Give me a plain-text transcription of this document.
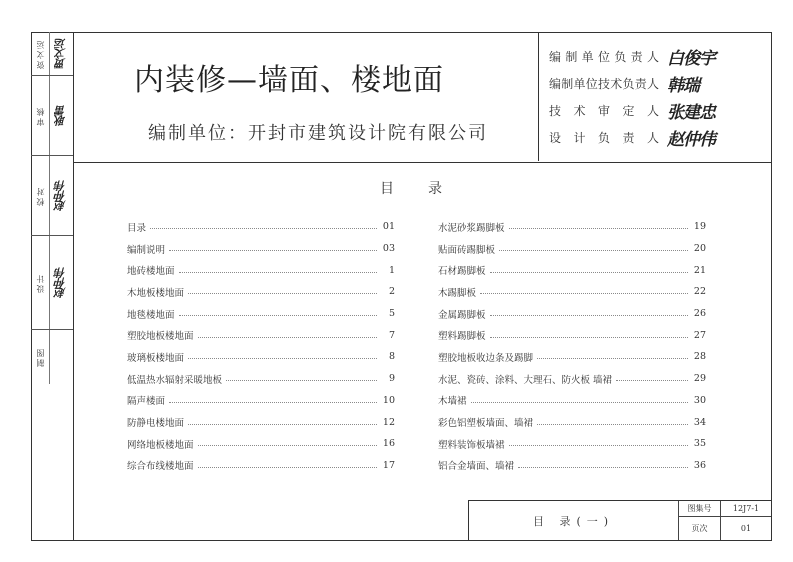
资文运 贾文运
审核 耿雷
校对 赵仲伟
设计 赵仲伟
制图
内装修—墙面、楼地面
编制单位：开封市建筑设计院有限公司
编制单位负责人 白俊宇
编制单位技术负责人 韩瑞
技术审定人 张建忠
设计负责人 赵仲伟
目录
目录	01
编制说明	03
地砖楼地面	1
木地板楼地面	2
地毯楼地面	5
塑胶地板楼地面	7
玻璃板楼地面	8
低温热水辐射采暖地板	9
隔声楼面	10
防静电楼地面	12
网络地板楼地面	16
综合布线楼地面	17
水泥砂浆踢脚板	19
贴面砖踢脚板	20
石材踢脚板	21
木踢脚板	22
金属踢脚板	26
塑料踢脚板	27
塑胶地板收边条及踢脚	28
水泥、瓷砖、涂料、大理石、防火板 墙裙	29
木墙裙	30
彩色铝塑板墙面、墙裙	34
塑料装饰板墙裙	35
铝合金墙面、墙裙	36
目 录(一)
图集号	12J7-1
页次	01
